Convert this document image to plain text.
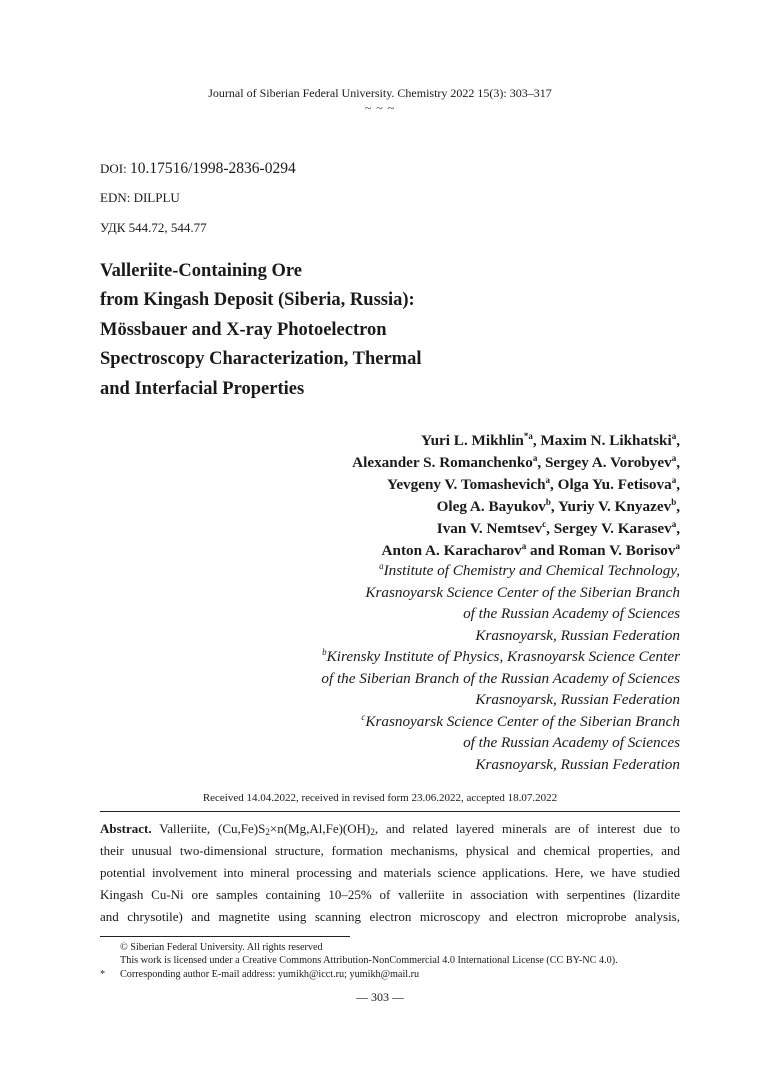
Journal of Siberian Federal University. Chemistry 2022 15(3): 303–317
~ ~ ~
DOI: 10.17516/1998-2836-0294
EDN: DILPLU
УДК 544.72, 544.77
Valleriite-Containing Ore
from Kingash Deposit (Siberia, Russia):
Mössbauer and X-ray Photoelectron
Spectroscopy Characterization, Thermal
and Interfacial Properties
Yuri L. Mikhlin$^{*a}$, Maxim N. Likhatski$^a$,
Alexander S. Romanchenko$^a$, Sergey A. Vorobyev$^a$,
Yevgeny V. Tomashevich$^a$, Olga Yu. Fetisova$^a$,
Oleg A. Bayukov$^b$, Yuriy V. Knyazev$^b$,
Ivan V. Nemtsev$^c$, Sergey V. Karasev$^a$,
Anton A. Karacharov$^a$ and Roman V. Borisov$^a$
$^a$Institute of Chemistry and Chemical Technology,
Krasnoyarsk Science Center of the Siberian Branch
of the Russian Academy of Sciences
Krasnoyarsk, Russian Federation
$^b$Kirensky Institute of Physics, Krasnoyarsk Science Center
of the Siberian Branch of the Russian Academy of Sciences
Krasnoyarsk, Russian Federation
$^c$Krasnoyarsk Science Center of the Siberian Branch
of the Russian Academy of Sciences
Krasnoyarsk, Russian Federation
Received 14.04.2022, received in revised form 23.06.2022, accepted 18.07.2022
Abstract. Valleriite, $(Cu,Fe)S_2\times n(Mg,Al,Fe)(OH)_2$, and related layered minerals are of interest due to
their unusual two-dimensional structure, formation mechanisms, physical and chemical properties, and
potential involvement into mineral processing and materials science applications. Here, we have studied
Kingash Cu-Ni ore samples containing 10–25% of valleriite in association with serpentines (lizardite
and chrysotile) and magnetite using scanning electron microscopy and electron microprobe analysis,
© Siberian Federal University. All rights reserved
This work is licensed under a Creative Commons Attribution-NonCommercial 4.0 International License (CC BY-NC 4.0).
* Corresponding author E-mail address: yumikh@icct.ru; yumikh@mail.ru
— 303 —
